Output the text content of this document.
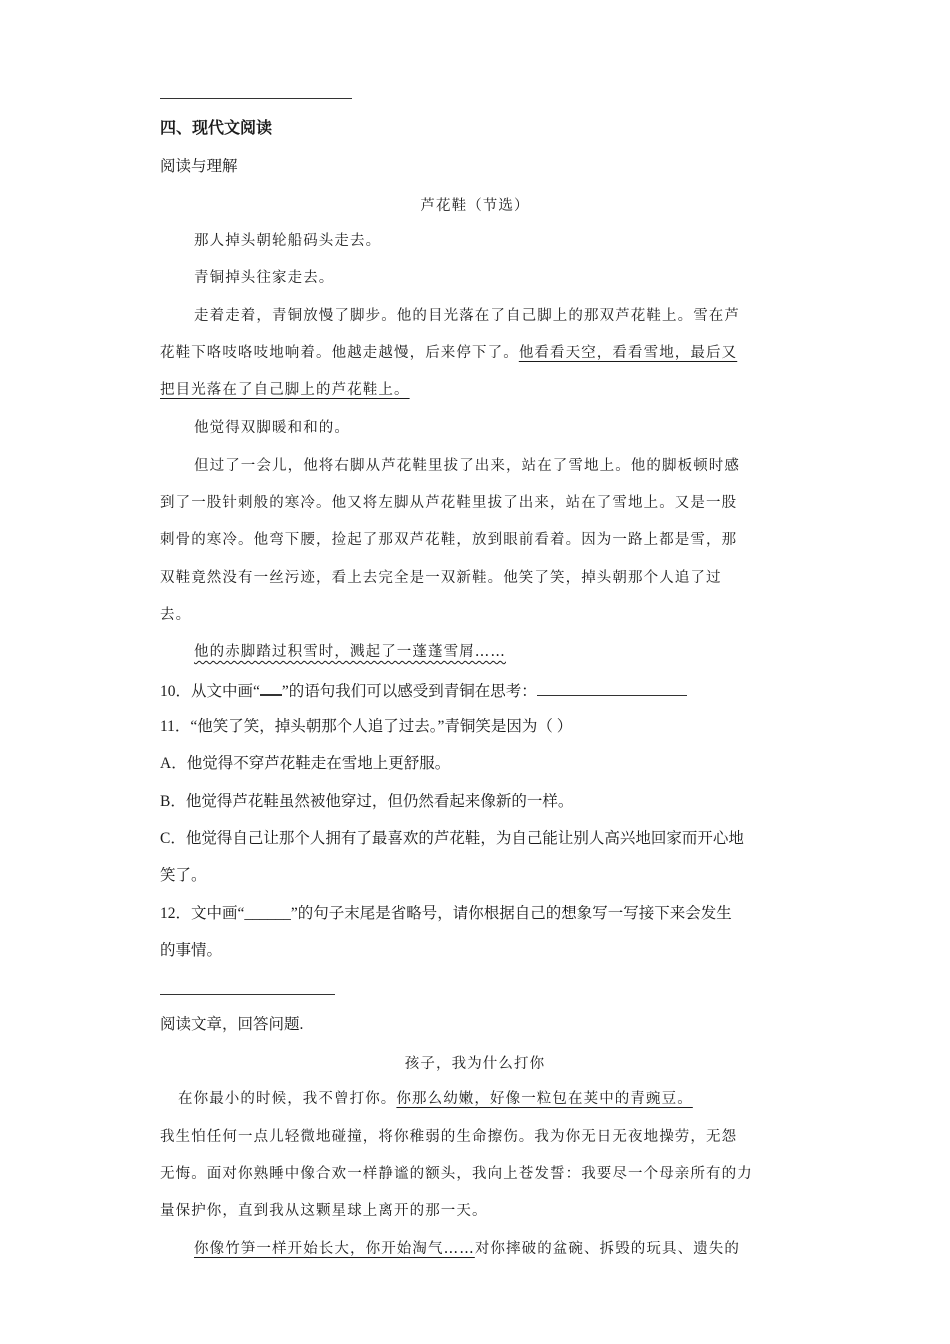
四、现代文阅读
阅读与理解
芦花鞋（节选）
那人掉头朝轮船码头走去。
青铜掉头往家走去。
走着走着，青铜放慢了脚步。他的目光落在了自己脚上的那双芦花鞋上。雪在芦
花鞋下咯吱咯吱地响着。他越走越慢，后来停下了。他看看天空，看看雪地，最后又
把目光落在了自己脚上的芦花鞋上。
他觉得双脚暖和和的。
但过了一会儿，他将右脚从芦花鞋里拔了出来，站在了雪地上。他的脚板顿时感
到了一股针刺般的寒冷。他又将左脚从芦花鞋里拔了出来，站在了雪地上。又是一股
刺骨的寒冷。他弯下腰，捡起了那双芦花鞋，放到眼前看着。因为一路上都是雪，那
双鞋竟然没有一丝污迹，看上去完全是一双新鞋。他笑了笑，掉头朝那个人追了过
去。
他的赤脚踏过积雪时，溅起了一蓬蓬雪屑……
10．从文中画“ ”的语句我们可以感受到青铜在思考：
11．“他笑了笑，掉头朝那个人追了过去。”青铜笑是因为（ ）
A．他觉得不穿芦花鞋走在雪地上更舒服。
B．他觉得芦花鞋虽然被他穿过，但仍然看起来像新的一样。
C．他觉得自己让那个人拥有了最喜欢的芦花鞋，为自己能让别人高兴地回家而开心地
笑了。
12．文中画“______”的句子末尾是省略号，请你根据自己的想象写一写接下来会发生
的事情。
阅读文章，回答问题.
孩子，我为什么打你
在你最小的时候，我不曾打你。你那么幼嫩，好像一粒包在荚中的青豌豆。
我生怕任何一点儿轻微地碰撞，将你稚弱的生命擦伤。我为你无日无夜地操劳，无怨
无悔。面对你熟睡中像合欢一样静谧的额头，我向上苍发誓：我要尽一个母亲所有的力
量保护你，直到我从这颗星球上离开的那一天。
你像竹笋一样开始长大，你开始淘气……对你摔破的盆碗、拆毁的玩具、遗失的
